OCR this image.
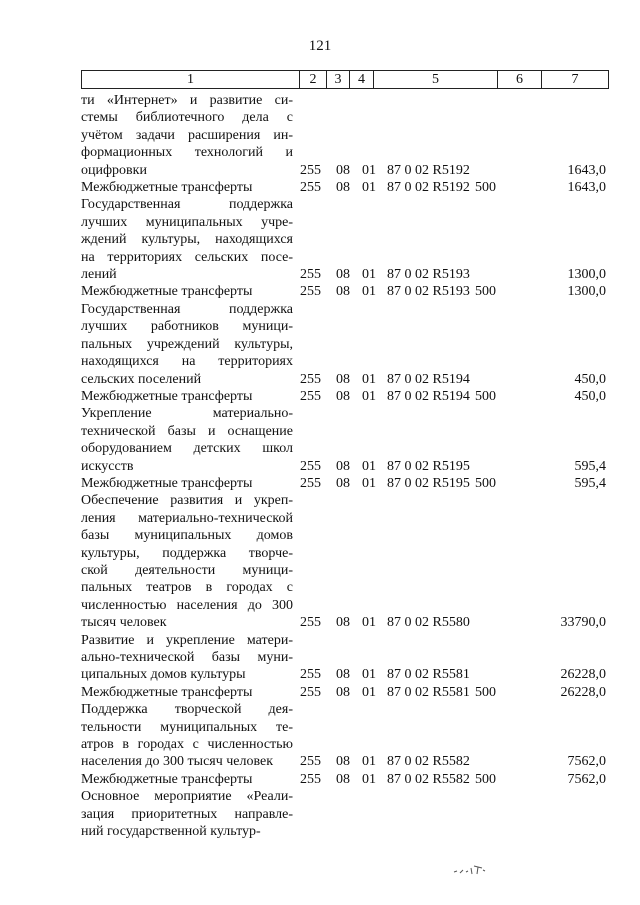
121
1	2	3	4	5	6	7
ти «Интернет» и развитие си-
стемы библиотечного дела с
учётом задачи расширения ин-
формационных технологий и
оцифровки	255 08 01 87 0 02 R5192	1643,0
Межбюджетные трансферты	255 08 01 87 0 02 R5192 500	1643,0
Государственная поддержка
лучших муниципальных учре-
ждений культуры, находящихся
на территориях сельских посе-
лений	255 08 01 87 0 02 R5193	1300,0
Межбюджетные трансферты	255 08 01 87 0 02 R5193 500	1300,0
Государственная поддержка
лучших работников муници-
пальных учреждений культуры,
находящихся на территориях
сельских поселений	255 08 01 87 0 02 R5194	450,0
Межбюджетные трансферты	255 08 01 87 0 02 R5194 500	450,0
Укрепление материально-
технической базы и оснащение
оборудованием детских школ
искусств	255 08 01 87 0 02 R5195	595,4
Межбюджетные трансферты	255 08 01 87 0 02 R5195 500	595,4
Обеспечение развития и укреп-
ления материально-технической
базы муниципальных домов
культуры, поддержка творче-
ской деятельности муници-
пальных театров в городах с
численностью населения до 300
тысяч человек	255 08 01 87 0 02 R5580	33790,0
Развитие и укрепление матери-
ально-технической базы муни-
ципальных домов культуры	255 08 01 87 0 02 R5581	26228,0
Межбюджетные трансферты	255 08 01 87 0 02 R5581 500	26228,0
Поддержка творческой дея-
тельности муниципальных те-
атров в городах с численностью
населения до 300 тысяч человек	255 08 01 87 0 02 R5582	7562,0
Межбюджетные трансферты	255 08 01 87 0 02 R5582 500	7562,0
Основное мероприятие «Реали-
зация приоритетных направле-
ний государственной культур-
